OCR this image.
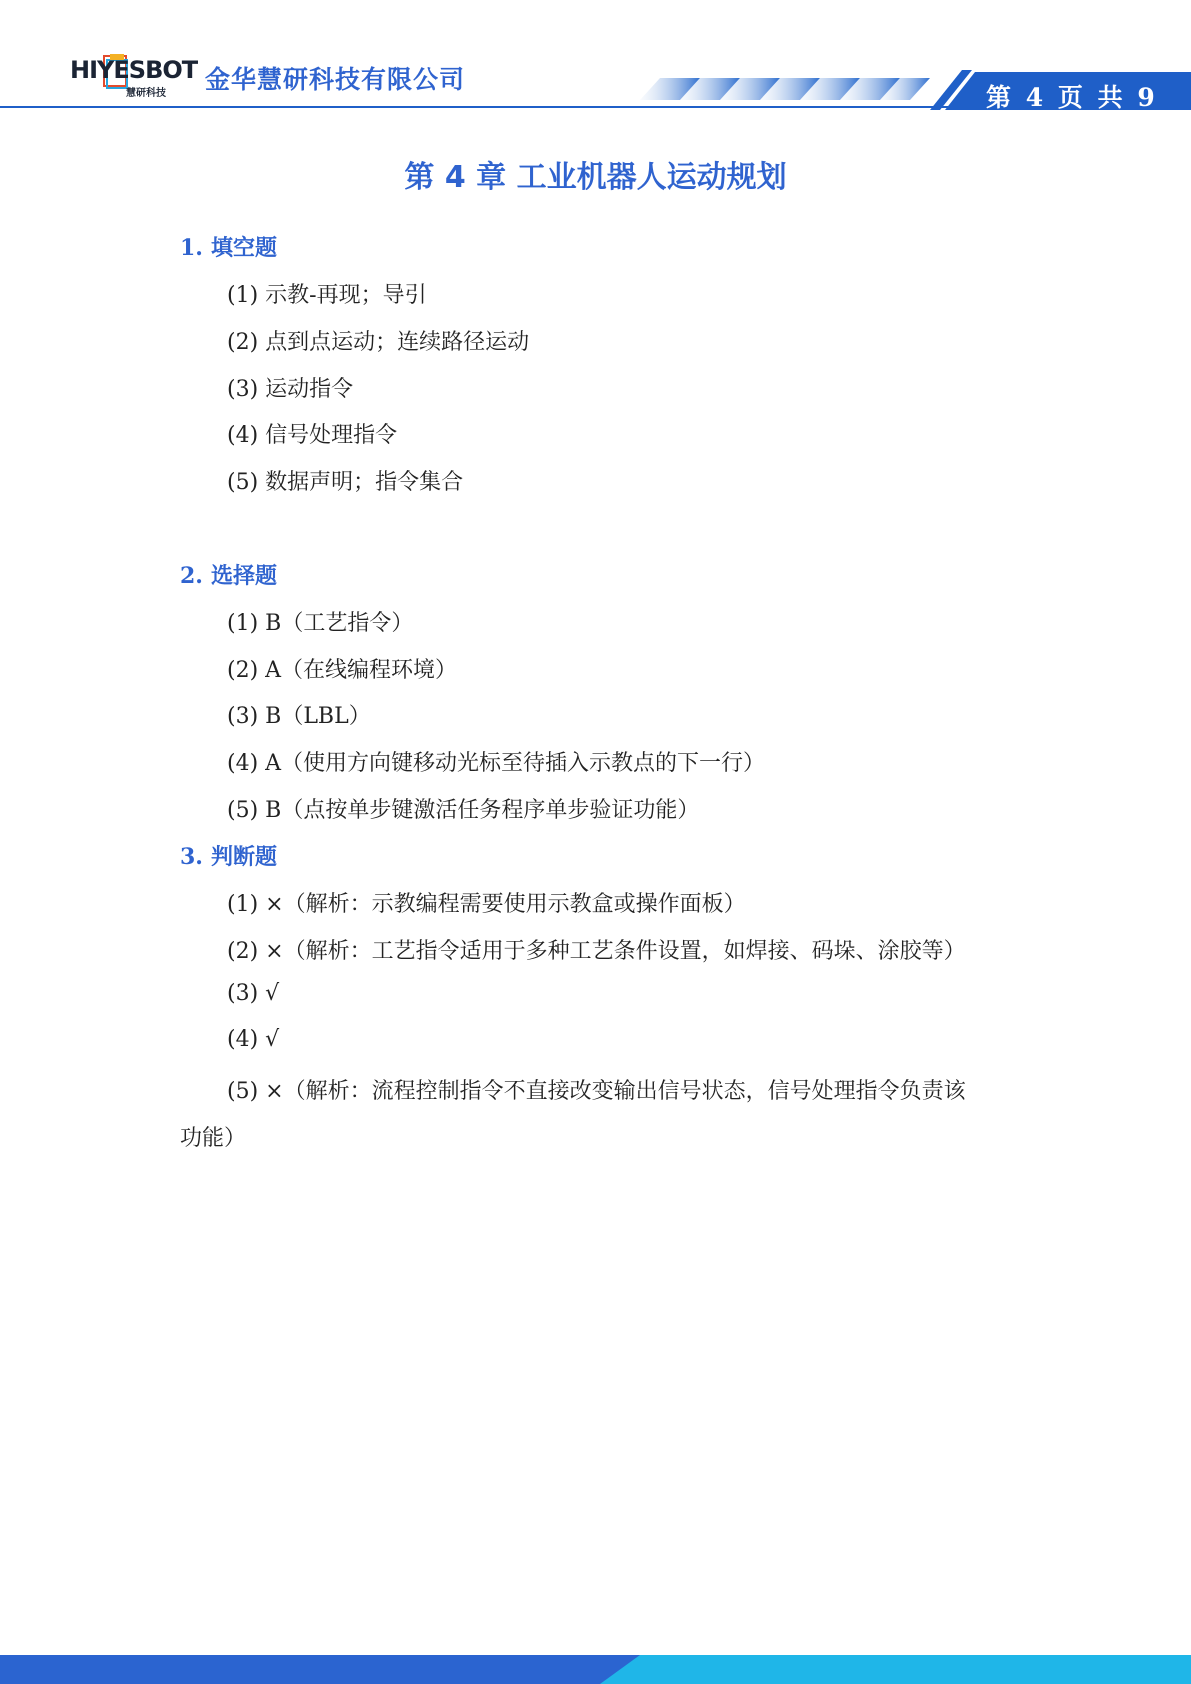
HIYESBOT
慧研科技 金华慧研科技有限公司
第 4 页 共 9 页
第 4 章 工业机器人运动规划
1. 填空题
(1) 示教-再现；导引
(2) 点到点运动；连续路径运动
(3) 运动指令
(4) 信号处理指令
(5) 数据声明；指令集合
2. 选择题
(1) B（工艺指令）
(2) A（在线编程环境）
(3) B（LBL）
(4) A（使用方向键移动光标至待插入示教点的下一行）
(5) B（点按单步键激活任务程序单步验证功能）
3. 判断题
(1) ×（解析：示教编程需要使用示教盒或操作面板）
(2) ×（解析：工艺指令适用于多种工艺条件设置，如焊接、码垛、涂胶等）
(3) √
(4) √
(5) ×（解析：流程控制指令不直接改变输出信号状态，信号处理指令负责该
功能）
